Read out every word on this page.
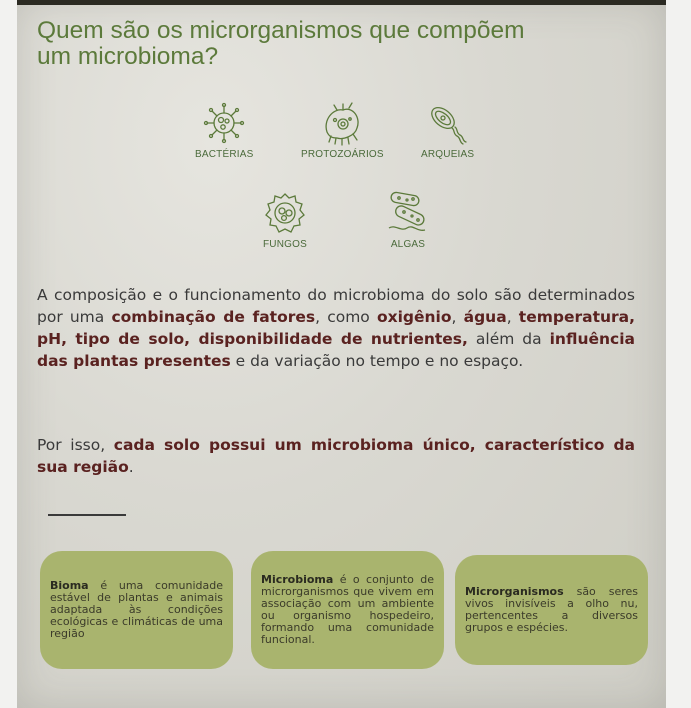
Quem são os microrganismos que compõem um microbioma?
BACTÉRIAS	PROTOZOÁRIOS	ARQUEIAS
FUNGOS	ALGAS

A composição e o funcionamento do microbioma do solo são determinados por uma combinação de fatores, como oxigênio, água, temperatura, pH, tipo de solo, disponibilidade de nutrientes, além da influência das plantas presentes e da variação no tempo e no espaço.

Por isso, cada solo possui um microbioma único, característico da sua região.

Bioma é uma comunidade estável de plantas e animais adaptada às condições ecológicas e climáticas de uma região

Microbioma é o conjunto de microrganismos que vivem em associação com um ambiente ou organismo hospedeiro, formando uma comunidade funcional.

Microrganismos são seres vivos invisíveis a olho nu, pertencentes a diversos grupos e espécies.
